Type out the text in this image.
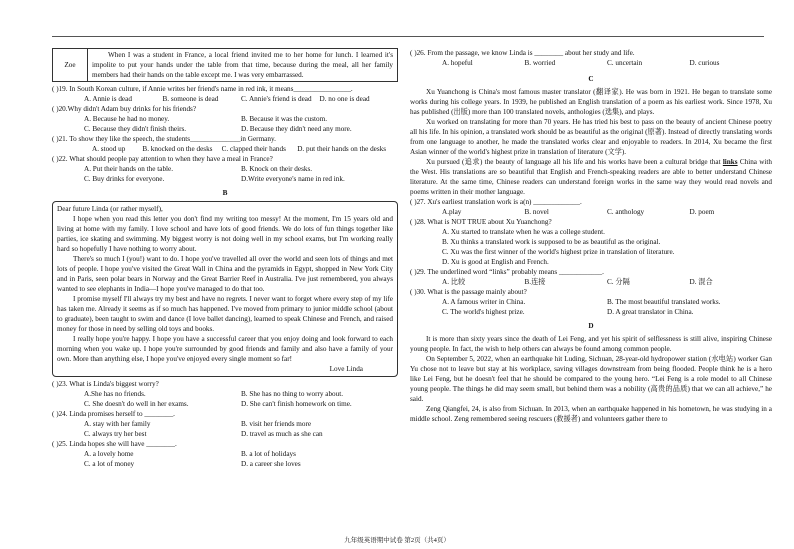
Zoe
When I was a student in France, a local friend invited me to her home for lunch. I learned it's impolite to put your hands under the table from that time, because during the meal, all her family members had their hands on the table except me. I was very embarrassed.
( )19. In South Korean culture, if Annie writes her friend's name in red ink, it means________________.
A. Annie is dead	B. someone is dead	C. Annie's friend is dead	D. no one is dead
( )20.Why didn't Adam buy drinks for his friends?
A. Because he had no money.	B. Because it was the custom.
C. Because they didn't finish theirs.	D. Because they didn't need any more.
( )21. To show they like the speech, the students______________in Germany.
A. stood up	B. knocked on the desks	C. clapped their hands	D. put their hands on the desks
( )22. What should people pay attention to when they have a meal in France?
A. Put their hands on the table.	B. Knock on their desks.
C. Buy drinks for everyone.	D.Write everyone's name in red ink.
B
Dear future Linda (or rather myself),
I hope when you read this letter you don't find my writing too messy! At the moment, I'm 15 years old and living at home with my family. I love school and have lots of good friends. We do lots of fun things together like parties, ice skating and swimming. My biggest worry is not doing well in my school exams, but I'm working really hard so hopefully I have nothing to worry about.
There's so much I (you!) want to do. I hope you've travelled all over the world and seen lots of things and met lots of people. I hope you've visited the Great Wall in China and the pyramids in Egypt, shopped in New York City and in Paris, seen polar bears in Norway and the Great Barrier Reef in Australia. I've just remembered, you always wanted to see elephants in India—I hope you've managed to do that too.
I promise myself I'll always try my best and have no regrets. I never want to forget where every step of my life has taken me. Already it seems as if so much has happened. I've moved from primary to junior middle school (about to graduate), been taught to swim and dance (I love ballet dancing), learned to speak Chinese and French, and raised money for those in need by selling old toys and books.
I really hope you're happy. I hope you have a successful career that you enjoy doing and look forward to each morning when you wake up. I hope you're surrounded by good friends and family and also have a family of your own. More than anything else, I hope you've enjoyed every single moment so far!
Love Linda
( )23. What is Linda's biggest worry?
A.She has no friends.	B. She has no thing to worry about.
C. She doesn't do well in her exams.	D. She can't finish homework on time.
( )24. Linda promises herself to ________.
A. stay with her family	B. visit her friends more
C. always try her best	D. travel as much as she can
( )25. Linda hopes she will have ________.
A. a lovely home	B. a lot of holidays
C. a lot of money	D. a career she loves
( )26. From the passage, we know Linda is ________ about her study and life.
A. hopeful	B. worried	C. uncertain	D. curious
C
Xu Yuanchong is China's most famous master translator (翻译家). He was born in 1921. He began to translate some works during his college years. In 1939, he published an English translation of a poem as his earliest work. Since 1978, Xu has published (出版) more than 100 translated novels, anthologies (选集), and plays.
Xu worked on translating for more than 70 years. He has tried his best to pass on the beauty of ancient Chinese poetry all his life. In his opinion, a translated work should be as beautiful as the original (原著). Instead of directly translating words from one language to another, he made the translated works clear and enjoyable to readers. In 2014, Xu became the first Asian winner of the world's highest prize in translation of literature (文学).
Xu pursued (追求) the beauty of language all his life and his works have been a cultural bridge that links China with the West. His translations are so beautiful that English and French-speaking readers are able to better understand Chinese literature. At the same time, Chinese readers can understand foreign works in the same way they would read novels and poems written in their mother language.
( )27. Xu's earliest translation work is a(n) _____________.
A.play	B. novel	C. anthology	D. poem
( )28. What is NOT TRUE about Xu Yuanchong?
A. Xu started to translate when he was a college student.
B. Xu thinks a translated work is supposed to be as beautiful as the original.
C. Xu was the first winner of the world's highest prize in translation of literature.
D. Xu is good at English and French.
( )29. The underlined word “links” probably means ____________.
A. 比较	B.连接	C. 分隔	D. 混合
( )30. What is the passage mainly about?
A. A famous writer in China.	B. The most beautiful translated works.
C. The world's highest prize.	D. A great translator in China.
D
It is more than sixty years since the death of Lei Feng, and yet his spirit of selflessness is still alive, inspiring Chinese young people. In fact, the wish to help others can always be found among common people.
On September 5, 2022, when an earthquake hit Luding, Sichuan, 28-year-old hydropower station (水电站) worker Gan Yu chose not to leave but stay at his workplace, saving villages downstream from being flooded. People think he is a hero like Lei Feng, but he doesn't feel that he should be compared to the young hero. “Lei Feng is a role model to all Chinese young people. The things he did may seem small, but behind them was a nobility (高贵的品质) that we can all achieve,” he said.
Zeng Qiangfei, 24, is also from Sichuan. In 2013, when an earthquake happened in his hometown, he was studying in a middle school. Zeng remembered seeing rescuers (救援者) and volunteers gather there to
九年级英语期中试卷 第2页（共4页）
